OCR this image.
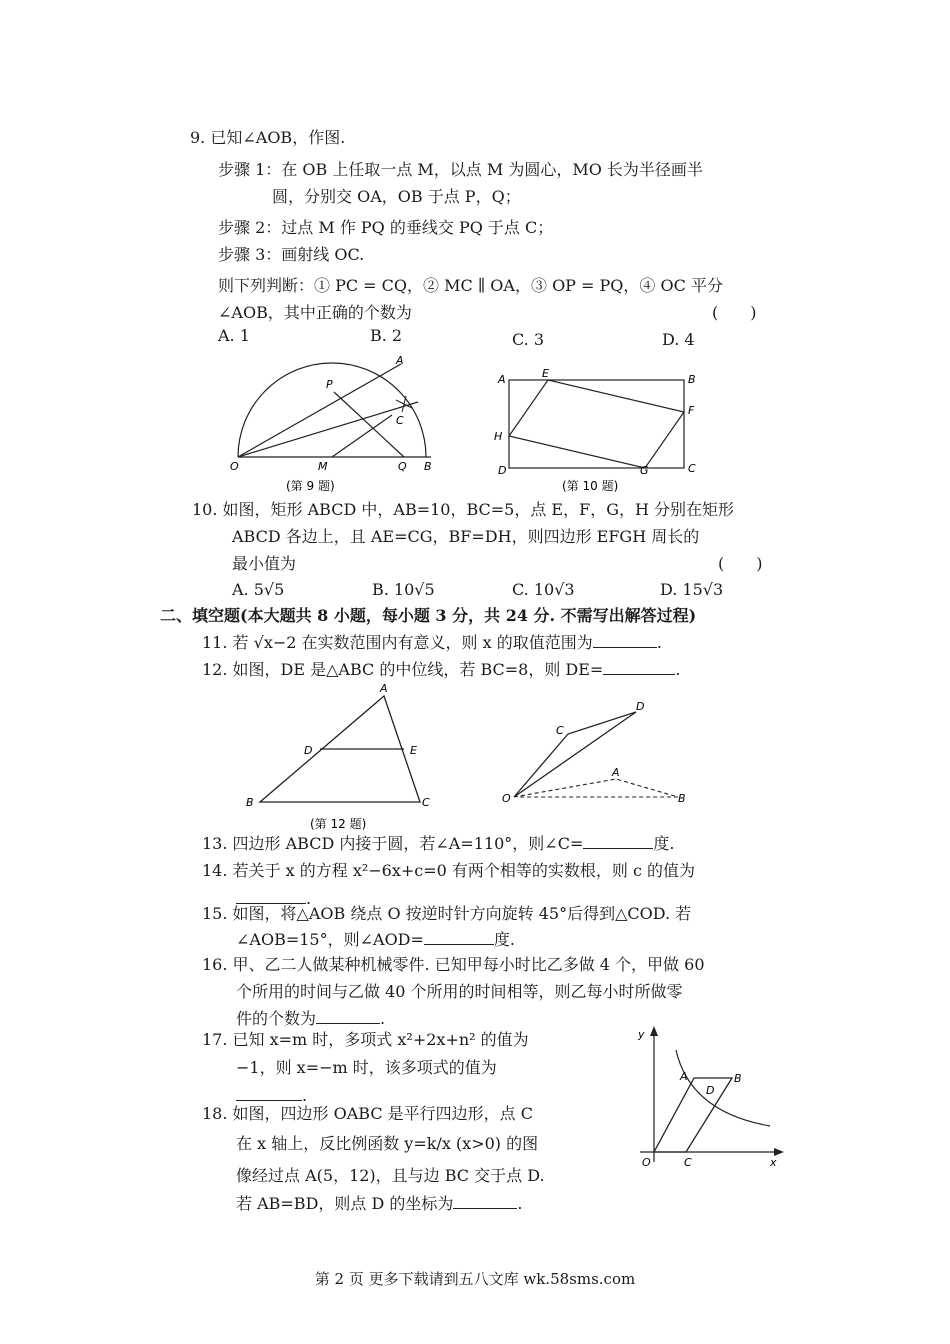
9. 已知∠AOB，作图.
步骤 1：在 OB 上任取一点 M，以点 M 为圆心，MO 长为半径画半
圆，分别交 OA，OB 于点 P，Q；
步骤 2：过点 M 作 PQ 的垂线交 PQ 于点 C；
步骤 3：画射线 OC.
则下列判断：① PC = CQ，② MC ∥ OA，③ OP = PQ，④ OC 平分
∠AOB，其中正确的个数为	(　　)
A. 1	B. 2	C. 3	D. 4
A
P
C
O	M	Q B
(第 9 题)
A	E	B
F
H
D	G	C
(第 10 题)
10. 如图，矩形 ABCD 中，AB=10，BC=5，点 E，F，G，H 分别在矩形
ABCD 各边上，且 AE=CG，BF=DH，则四边形 EFGH 周长的
最小值为	(　　)
A. 5√5	B. 10√5	C. 10√3	D. 15√3
二、填空题(本大题共 8 小题，每小题 3 分，共 24 分. 不需写出解答过程)
11. 若 √x−2 在实数范围内有意义，则 x 的取值范围为	.
12. 如图，DE 是△ABC 的中位线，若 BC=8，则 DE=	.
A
D	E
B	C
(第 12 题)
D
C
A
O	B
13. 四边形 ABCD 内接于圆，若∠A=110°，则∠C=	度.
14. 若关于 x 的方程 x²−6x+c=0 有两个相等的实数根，则 c 的值为
.
15. 如图，将△AOB 绕点 O 按逆时针方向旋转 45°后得到△COD. 若
∠AOB=15°，则∠AOD=	度.
16. 甲、乙二人做某种机械零件. 已知甲每小时比乙多做 4 个，甲做 60
个所用的时间与乙做 40 个所用的时间相等，则乙每小时所做零
件的个数为	.
17. 已知 x=m 时，多项式 x²+2x+n² 的值为
−1，则 x=−m 时，该多项式的值为
.
18. 如图，四边形 OABC 是平行四边形，点 C
在 x 轴上，反比例函数 y=k/x (x>0) 的图
像经过点 A(5，12)，且与边 BC 交于点 D.
若 AB=BD，则点 D 的坐标为	.
y
A
D
B
O	C	x
第 2 页 更多下载请到五八文库 wk.58sms.com
